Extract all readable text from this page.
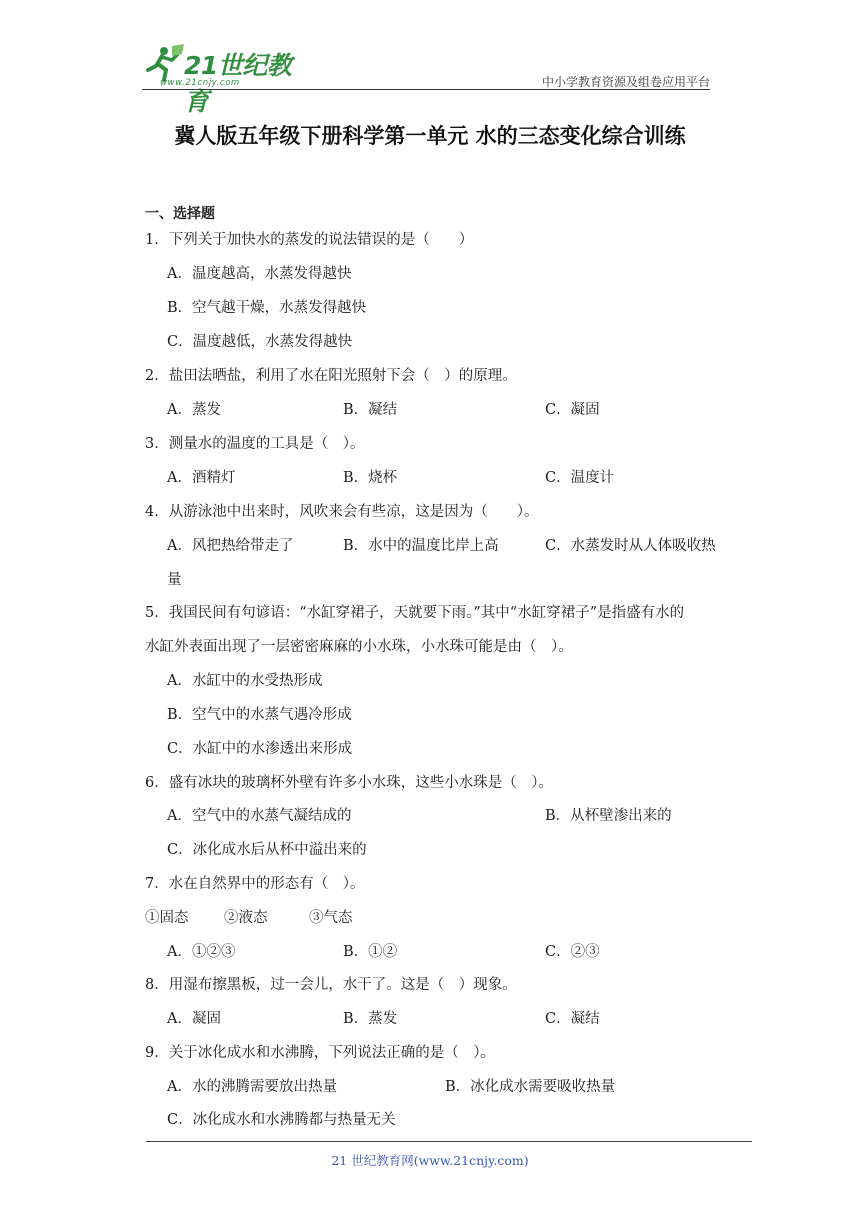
21世纪教育
www.21cnjy.com	中小学教育资源及组卷应用平台
冀人版五年级下册科学第一单元 水的三态变化综合训练
一、选择题
1．下列关于加快水的蒸发的说法错误的是（　　）
A．温度越高，水蒸发得越快
B．空气越干燥，水蒸发得越快
C．温度越低，水蒸发得越快
2．盐田法晒盐，利用了水在阳光照射下会（　）的原理。
A．蒸发	B．凝结	C．凝固
3．测量水的温度的工具是（　）。
A．酒精灯	B．烧杯	C．温度计
4．从游泳池中出来时，风吹来会有些凉，这是因为（　　）。
A．风把热给带走了	B．水中的温度比岸上高	C．水蒸发时从人体吸收热
量
5．我国民间有句谚语：“水缸穿裙子，天就要下雨。”其中“水缸穿裙子”是指盛有水的
水缸外表面出现了一层密密麻麻的小水珠，小水珠可能是由（　）。
A．水缸中的水受热形成
B．空气中的水蒸气遇冷形成
C．水缸中的水渗透出来形成
6．盛有冰块的玻璃杯外壁有许多小水珠，这些小水珠是（　）。
A．空气中的水蒸气凝结成的	B．从杯壁渗出来的
C．冰化成水后从杯中溢出来的
7．水在自然界中的形态有（　）。
①固态 ②液态	③气态
A．①②③	B．①②	C．②③
8．用湿布擦黑板，过一会儿，水干了。这是（　）现象。
A．凝固	B．蒸发	C．凝结
9．关于冰化成水和水沸腾，下列说法正确的是（　）。
A．水的沸腾需要放出热量	B．冰化成水需要吸收热量
C．冰化成水和水沸腾都与热量无关
21 世纪教育网(www.21cnjy.com)
